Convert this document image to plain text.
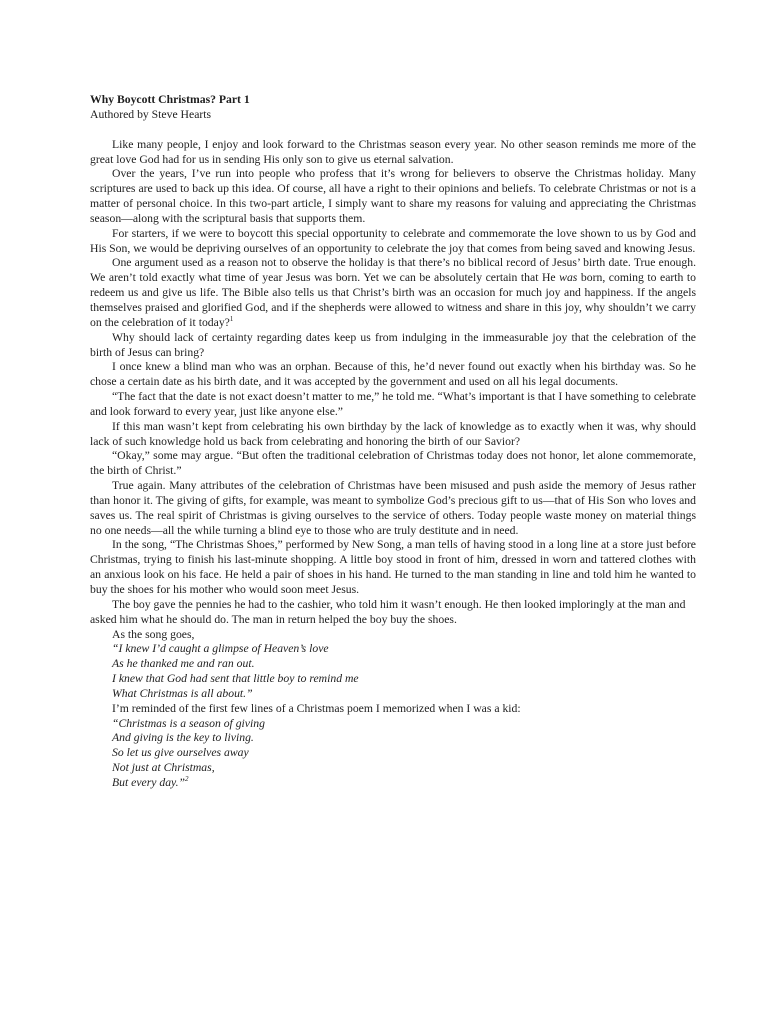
Why Boycott Christmas? Part 1

Authored by Steve Hearts

Like many people, I enjoy and look forward to the Christmas season every year. No other season reminds me more of the great love God had for us in sending His only son to give us eternal salvation.

Over the years, I’ve run into people who profess that it’s wrong for believers to observe the Christmas holiday. Many scriptures are used to back up this idea. Of course, all have a right to their opinions and beliefs. To celebrate Christmas or not is a matter of personal choice. In this two-part article, I simply want to share my reasons for valuing and appreciating the Christmas season—along with the scriptural basis that supports them.

For starters, if we were to boycott this special opportunity to celebrate and commemorate the love shown to us by God and His Son, we would be depriving ourselves of an opportunity to celebrate the joy that comes from being saved and knowing Jesus.

One argument used as a reason not to observe the holiday is that there’s no biblical record of Jesus’ birth date. True enough. We aren’t told exactly what time of year Jesus was born. Yet we can be absolutely certain that He was born, coming to earth to redeem us and give us life. The Bible also tells us that Christ’s birth was an occasion for much joy and happiness. If the angels themselves praised and glorified God, and if the shepherds were allowed to witness and share in this joy, why shouldn’t we carry on the celebration of it today?$^1$

Why should lack of certainty regarding dates keep us from indulging in the immeasurable joy that the celebration of the birth of Jesus can bring?

I once knew a blind man who was an orphan. Because of this, he’d never found out exactly when his birthday was. So he chose a certain date as his birth date, and it was accepted by the government and used on all his legal documents.

“The fact that the date is not exact doesn’t matter to me,” he told me. “What’s important is that I have something to celebrate and look forward to every year, just like anyone else.”

If this man wasn’t kept from celebrating his own birthday by the lack of knowledge as to exactly when it was, why should lack of such knowledge hold us back from celebrating and honoring the birth of our Savior?

“Okay,” some may argue. “But often the traditional celebration of Christmas today does not honor, let alone commemorate, the birth of Christ.”

True again. Many attributes of the celebration of Christmas have been misused and push aside the memory of Jesus rather than honor it. The giving of gifts, for example, was meant to symbolize God’s precious gift to us—that of His Son who loves and saves us. The real spirit of Christmas is giving ourselves to the service of others. Today people waste money on material things no one needs—all the while turning a blind eye to those who are truly destitute and in need.

In the song, “The Christmas Shoes,” performed by New Song, a man tells of having stood in a long line at a store just before Christmas, trying to finish his last-minute shopping. A little boy stood in front of him, dressed in worn and tattered clothes with an anxious look on his face. He held a pair of shoes in his hand. He turned to the man standing in line and told him he wanted to buy the shoes for his mother who would soon meet Jesus.

The boy gave the pennies he had to the cashier, who told him it wasn’t enough. He then looked imploringly at the man and asked him what he should do. The man in return helped the boy buy the shoes.

As the song goes,

“I knew I’d caught a glimpse of Heaven’s love

As he thanked me and ran out.

I knew that God had sent that little boy to remind me

What Christmas is all about.”

I’m reminded of the first few lines of a Christmas poem I memorized when I was a kid:

“Christmas is a season of giving

And giving is the key to living.

So let us give ourselves away

Not just at Christmas,

But every day.”$^2$
